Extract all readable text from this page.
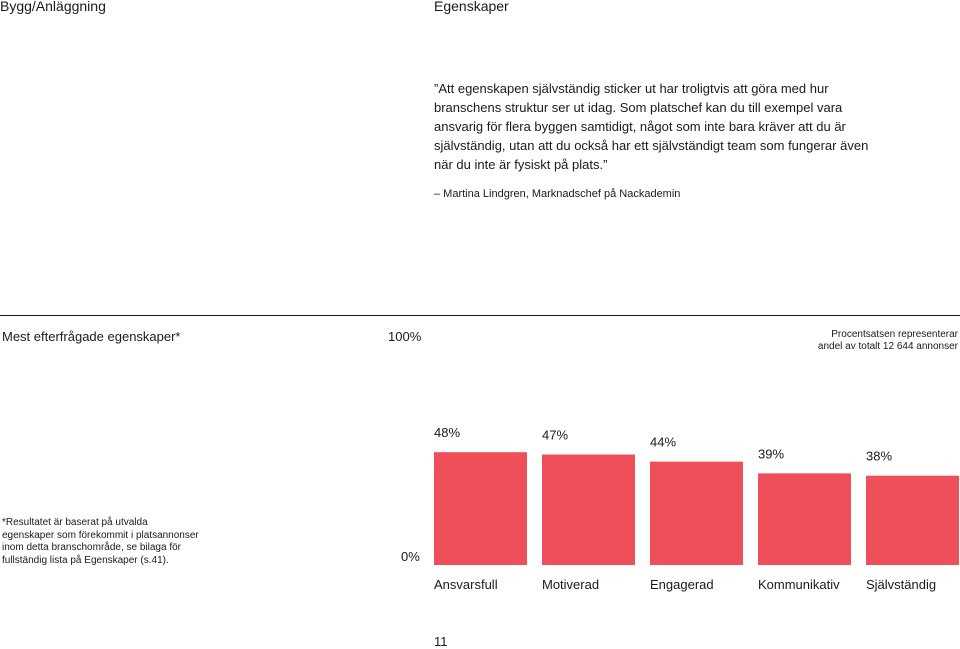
Bygg/Anläggning	Egenskaper
”Att egenskapen självständig sticker ut har troligtvis att göra med hur branschens struktur ser ut idag. Som platschef kan du till exempel vara ansvarig för flera byggen samtidigt, något som inte bara kräver att du är självständig, utan att du också har ett självständigt team som fungerar även när du inte är fysiskt på plats.”
– Martina Lindgren, Marknadschef på Nackademin
Mest efterfrågade egenskaper*	100%
0%
Procentsatsen representerar andel av totalt 12 644 annonser
*Resultatet är baserat på utvalda egenskaper som förekommit i platsannonser inom detta branschområde, se bilaga för fullständig lista på Egenskaper (s.41).
48%
Ansvarsfull
47%
Motiverad
44%
Engagerad
39%
Kommunikativ
38%
Självständig
11
